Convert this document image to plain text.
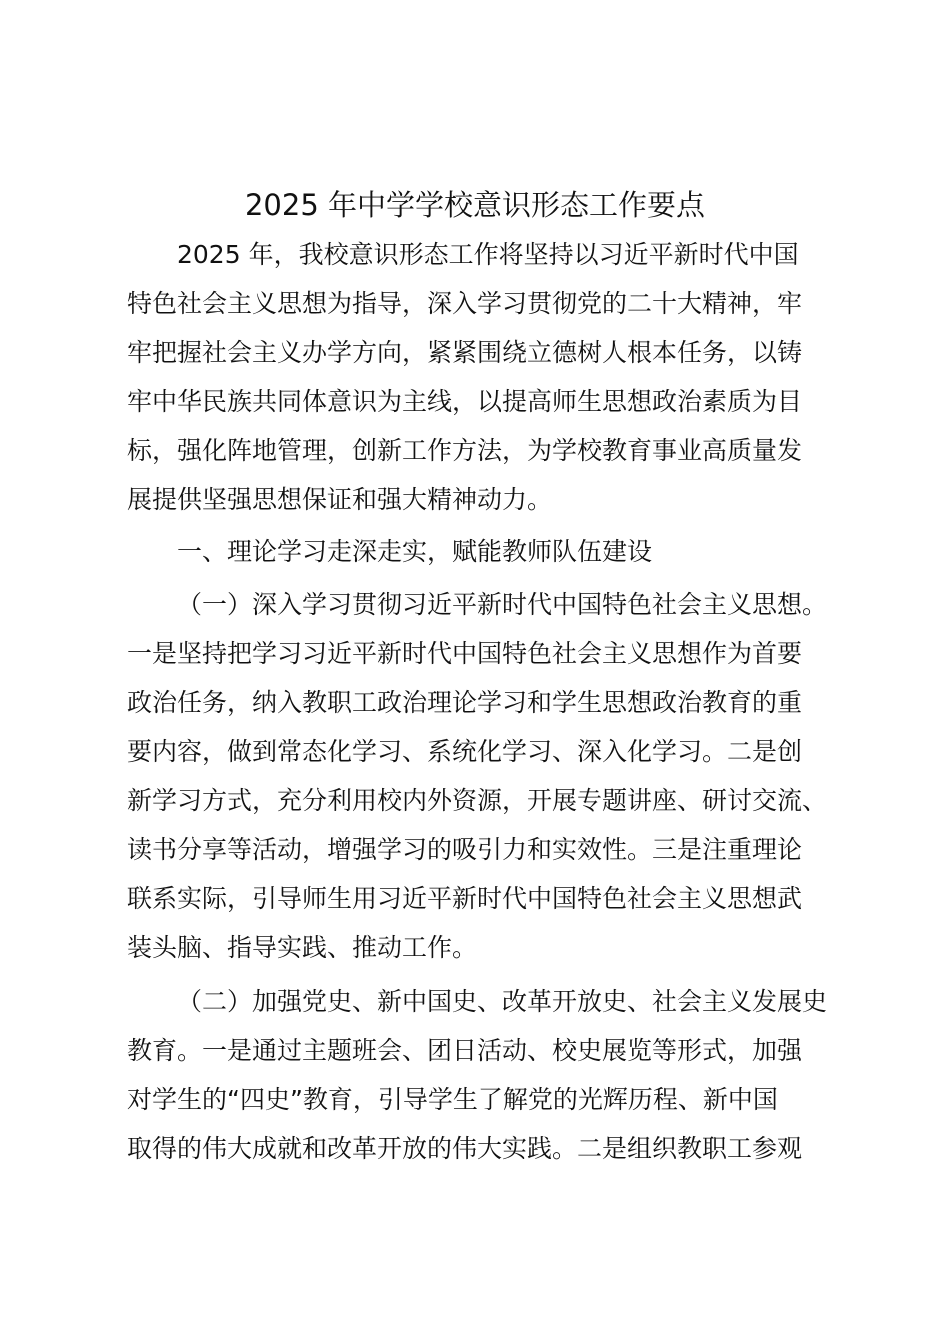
2025 年中学学校意识形态工作要点
2025 年，我校意识形态工作将坚持以习近平新时代中国
特色社会主义思想为指导，深入学习贯彻党的二十大精神，牢
牢把握社会主义办学方向，紧紧围绕立德树人根本任务，以铸
牢中华民族共同体意识为主线，以提高师生思想政治素质为目
标，强化阵地管理，创新工作方法，为学校教育事业高质量发
展提供坚强思想保证和强大精神动力。
一、理论学习走深走实，赋能教师队伍建设
（一）深入学习贯彻习近平新时代中国特色社会主义思想。
一是坚持把学习习近平新时代中国特色社会主义思想作为首要
政治任务，纳入教职工政治理论学习和学生思想政治教育的重
要内容，做到常态化学习、系统化学习、深入化学习。二是创
新学习方式，充分利用校内外资源，开展专题讲座、研讨交流、
读书分享等活动，增强学习的吸引力和实效性。三是注重理论
联系实际，引导师生用习近平新时代中国特色社会主义思想武
装头脑、指导实践、推动工作。
（二）加强党史、新中国史、改革开放史、社会主义发展史
教育。一是通过主题班会、团日活动、校史展览等形式，加强
对学生的“四史”教育，引导学生了解党的光辉历程、新中国
取得的伟大成就和改革开放的伟大实践。二是组织教职工参观
